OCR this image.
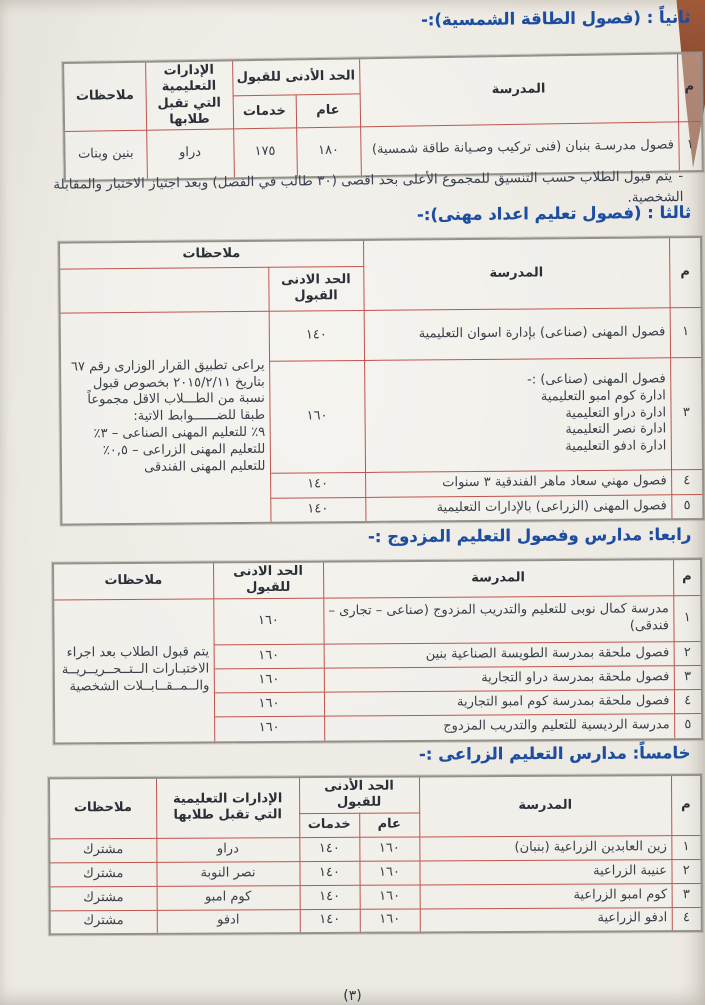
ثانياً : (فصول الطاقة الشمسية):-
م	المدرسة	الحد الأدنى للقبول		الإدارات التعليمية
التي تقبل طلابها	ملاحظات
		عام	خدمات		
١	فصول مدرسـة بنبان (فنى تركيب وصـيانة طاقة شمسية)	١٨٠	١٧٥	دراو	بنين وبنات

-يتم قبول الطلاب حسب التنسيق للمجموع الأعلى بحد اقصى (٣٠ طالب في الفصل) وبعد اجتياز الاختبار والمقابلة الشخصية.

ثالثا : (فصول تعليم اعداد مهنى):-
م	المدرسة	ملاحظات	
		الحد الادنى
القبول	
١	فصول المهنى (صناعى) بإدارة اسوان التعليمية	١٤٠	يراعى تطبيق القرار الوزارى رقم ٦٧ بتاريخ ٢٠١٥/٢/١١ بخصوص قبول نسبة من الطـــلاب الاقل مجموعاً طبقا للضــــــوابط الاتية:
٩٪ للتعليم المهنى الصناعى – ٣٪ للتعليم المهنى الزراعى – ٠,٥٪ للتعليم المهنى الفندقى
٣	فصول المهنى (صناعى) :-
ادارة كوم امبو التعليمية
ادارة دراو التعليمية
ادارة نصر التعليمية
ادارة ادفو التعليمية	١٦٠	
٤	فصول مهني سعاد ماهر الفندقية ٣ سنوات	١٤٠	
٥	فصول المهنى (الزراعى) بالإدارات التعليمية	١٤٠	
رابعا: مدارس وفصول التعليم المزدوج :-
م	المدرسة	الحد الادنى للقبول	ملاحظات
١	مدرسة كمال نوبى للتعليم والتدريب المزدوج (صناعى – تجارى – فندقى)	١٦٠	يتم قبول الطلاب بعد اجراء الاختبـارات الــتــحــريــريــة والــمــقــابــلات الشخصية
٢	فصول ملحقة بمدرسة الطويسة الصناعية بنين	١٦٠	
٣	فصول ملحقة بمدرسة دراو التجارية	١٦٠	
٤	فصول ملحقة بمدرسة كوم امبو التجارية	١٦٠	
٥	مدرسة الرديسية للتعليم والتدريب المزدوج	١٦٠	
خامساً: مدارس التعليم الزراعى :-
م	المدرسة	الحد الأدنى للقبول		الإدارات التعليمية
التي تقبل طلابها	ملاحظات
		عام	خدمات		
١	زين العابدين الزراعية (بنبان)	١٦٠	١٤٠	دراو	مشترك
٢	عنيبة الزراعية	١٦٠	١٤٠	نصر النوبة	مشترك
٣	كوم امبو الزراعية	١٦٠	١٤٠	كوم امبو	مشترك
٤	ادفو الزراعية	١٦٠	١٤٠	ادفو	مشترك
(٣)
